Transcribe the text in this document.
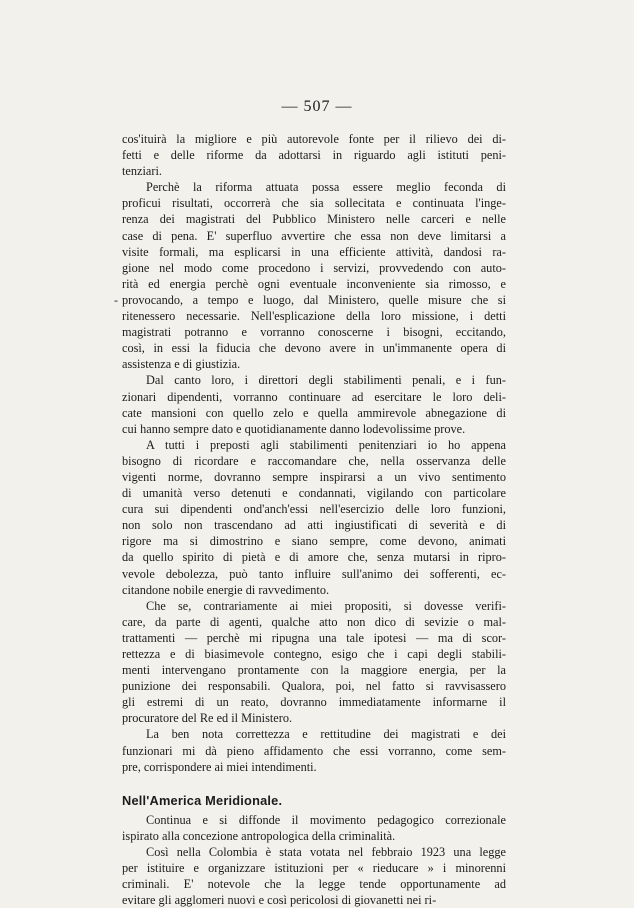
— 507 —
-
cos'ituirà la migliore e più autorevole fonte per il rilievo dei di-
fetti e delle riforme da adottarsi in riguardo agli istituti peni-
tenziari.
Perchè la riforma attuata possa essere meglio feconda di
proficui risultati, occorrerà che sia sollecitata e continuata l'inge-
renza dei magistrati del Pubblico Ministero nelle carceri e nelle
case di pena. E' superfluo avvertire che essa non deve limitarsi a
visite formali, ma esplicarsi in una efficiente attività, dandosi ra-
gione nel modo come procedono i servizi, provvedendo con auto-
rità ed energia perchè ogni eventuale inconveniente sia rimosso, e
provocando, a tempo e luogo, dal Ministero, quelle misure che si
ritenessero necessarie. Nell'esplicazione della loro missione, i detti
magistrati potranno e vorranno conoscerne i bisogni, eccitando,
così, in essi la fiducia che devono avere in un'immanente opera di
assistenza e di giustizia.
Dal canto loro, i direttori degli stabilimenti penali, e i fun-
zionari dipendenti, vorranno continuare ad esercitare le loro deli-
cate mansioni con quello zelo e quella ammirevole abnegazione di
cui hanno sempre dato e quotidianamente danno lodevolissime prove.
A tutti i preposti agli stabilimenti penitenziari io ho appena
bisogno di ricordare e raccomandare che, nella osservanza delle
vigenti norme, dovranno sempre inspirarsi a un vivo sentimento
di umanità verso detenuti e condannati, vigilando con particolare
cura sui dipendenti ond'anch'essi nell'esercizio delle loro funzioni,
non solo non trascendano ad atti ingiustificati di severità e di
rigore ma si dimostrino e siano sempre, come devono, animati
da quello spirito di pietà e di amore che, senza mutarsi in ripro-
vevole debolezza, può tanto influire sull'animo dei sofferenti, ec-
citandone nobile energie di ravvedimento.
Che se, contrariamente ai miei propositi, si dovesse verifi-
care, da parte di agenti, qualche atto non dico di sevizie o mal-
trattamenti — perchè mi ripugna una tale ipotesi — ma di scor-
rettezza e di biasimevole contegno, esigo che i capi degli stabili-
menti intervengano prontamente con la maggiore energia, per la
punizione dei responsabili. Qualora, poi, nel fatto si ravvisassero
gli estremi di un reato, dovranno immediatamente informarne il
procuratore del Re ed il Ministero.
La ben nota correttezza e rettitudine dei magistrati e dei
funzionari mi dà pieno affidamento che essi vorranno, come sem-
pre, corrispondere ai miei intendimenti.
Nell'America Meridionale.
Continua e si diffonde il movimento pedagogico correzionale
ispirato alla concezione antropologica della criminalità.
Così nella Colombia è stata votata nel febbraio 1923 una legge
per istituire e organizzare istituzioni per « rieducare » i minorenni
criminali. E' notevole che la legge tende opportunamente ad
evitare gli agglomeri nuovi e così pericolosi di giovanetti nei ri-
